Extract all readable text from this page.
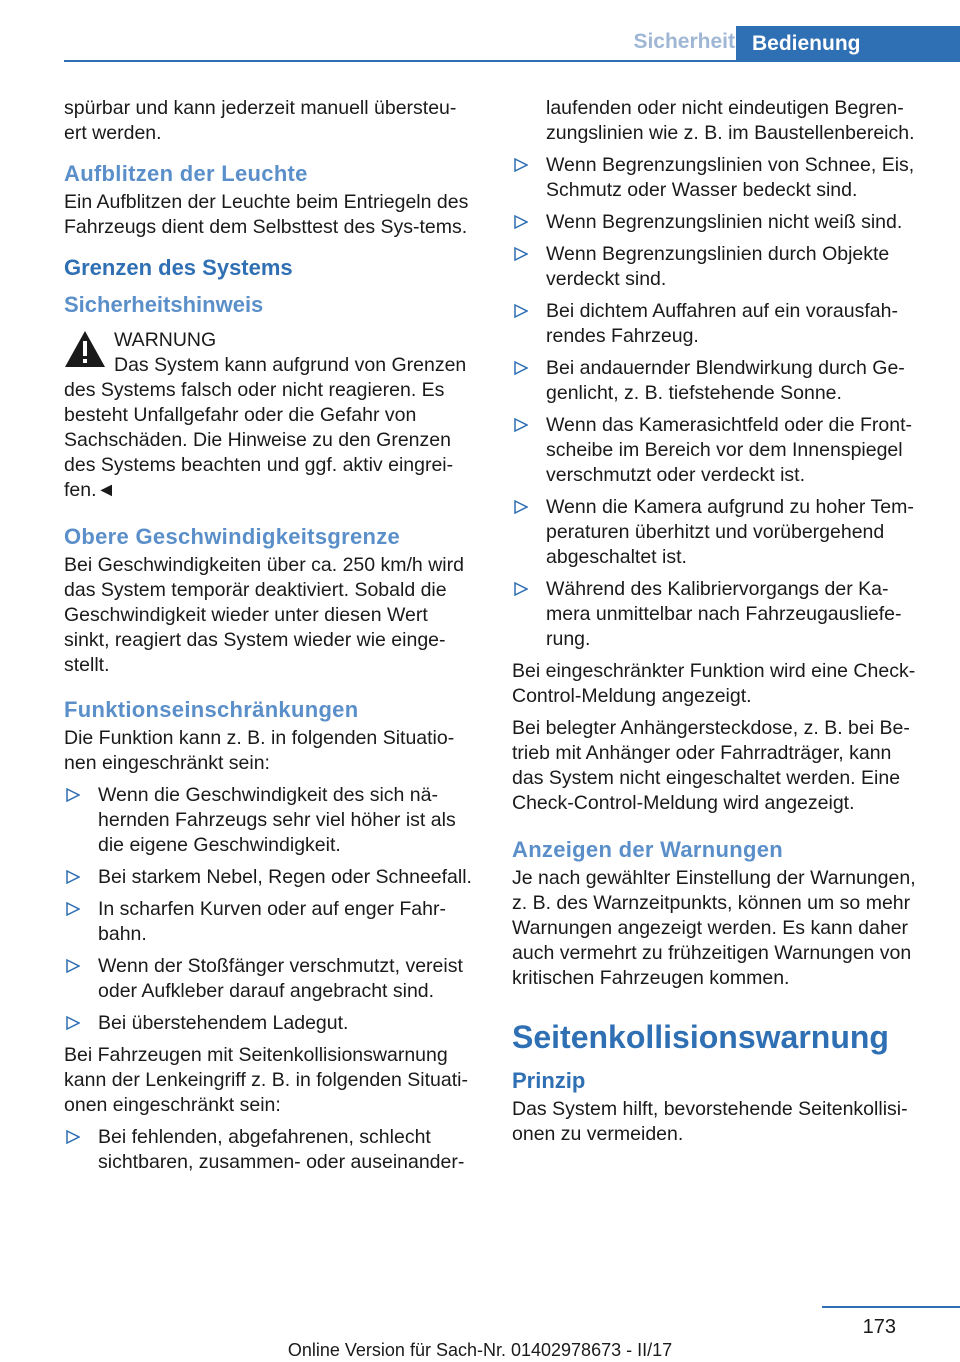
Sicherheit Bedienung

spürbar und kann jederzeit manuell übersteu-ert werden.

Aufblitzen der Leuchte

Ein Aufblitzen der Leuchte beim Entriegeln des Fahrzeugs dient dem Selbsttest des Sys-tems.

Grenzen des Systems
Sicherheitshinweis

WARNUNG

Das System kann aufgrund von Grenzen des Systems falsch oder nicht reagieren. Es besteht Unfallgefahr oder die Gefahr von Sachschäden. Die Hinweise zu den Grenzen des Systems beachten und ggf. aktiv eingrei-fen.◄

Obere Geschwindigkeitsgrenze

Bei Geschwindigkeiten über ca. 250 km/h wird das System temporär deaktiviert. Sobald die Geschwindigkeit wieder unter diesen Wert sinkt, reagiert das System wieder wie einge-stellt.

Funktionseinschränkungen

Die Funktion kann z. B. in folgenden Situatio-nen eingeschränkt sein:

Wenn die Geschwindigkeit des sich nä-hernden Fahrzeugs sehr viel höher ist als die eigene Geschwindigkeit.
Bei starkem Nebel, Regen oder Schneefall.
In scharfen Kurven oder auf enger Fahr-bahn.
Wenn der Stoßfänger verschmutzt, vereist oder Aufkleber darauf angebracht sind.
Bei überstehendem Ladegut.

Bei Fahrzeugen mit Seitenkollisionswarnung kann der Lenkeingriff z. B. in folgenden Situati-onen eingeschränkt sein:

Bei fehlenden, abgefahrenen, schlecht sichtbaren, zusammen- oder auseinander-
laufenden oder nicht eindeutigen Begren-zungslinien wie z. B. im Baustellenbereich.
Wenn Begrenzungslinien von Schnee, Eis, Schmutz oder Wasser bedeckt sind.
Wenn Begrenzungslinien nicht weiß sind.
Wenn Begrenzungslinien durch Objekte verdeckt sind.
Bei dichtem Auffahren auf ein vorausfah-rendes Fahrzeug.
Bei andauernder Blendwirkung durch Ge-genlicht, z. B. tiefstehende Sonne.
Wenn das Kamerasichtfeld oder die Front-scheibe im Bereich vor dem Innenspiegel verschmutzt oder verdeckt ist.
Wenn die Kamera aufgrund zu hoher Tem-peraturen überhitzt und vorübergehend abgeschaltet ist.
Während des Kalibriervorgangs der Ka-mera unmittelbar nach Fahrzeugausliefe-rung.

Bei eingeschränkter Funktion wird eine Check-Control-Meldung angezeigt.

Bei belegter Anhängersteckdose, z. B. bei Be-trieb mit Anhänger oder Fahrradträger, kann das System nicht eingeschaltet werden. Eine Check-Control-Meldung wird angezeigt.

Anzeigen der Warnungen

Je nach gewählter Einstellung der Warnungen, z. B. des Warnzeitpunkts, können um so mehr Warnungen angezeigt werden. Es kann daher auch vermehrt zu frühzeitigen Warnungen von kritischen Fahrzeugen kommen.

Seitenkollisionswarnung
Prinzip

Das System hilft, bevorstehende Seitenkollisi-onen zu vermeiden.

173
Online Version für Sach-Nr. 01402978673 - II/17
